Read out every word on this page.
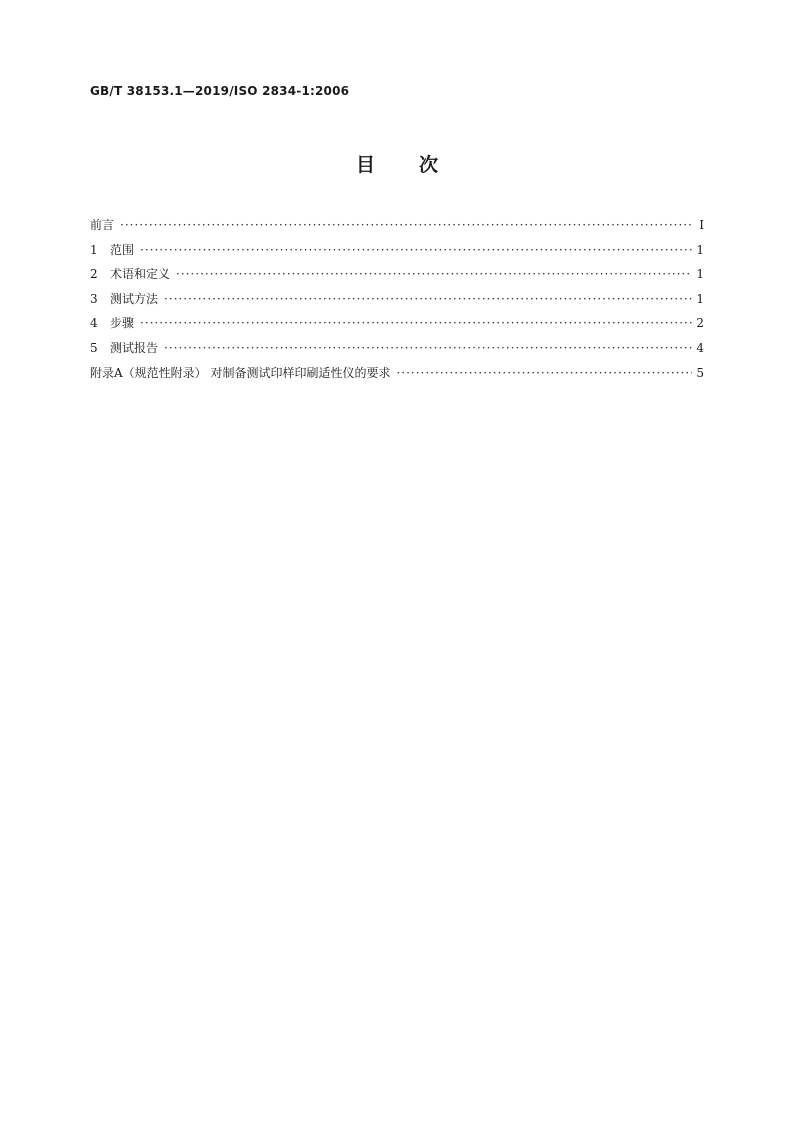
GB/T 38153.1—2019/ISO 2834-1:2006
目次
前言 ·····	Ⅰ
1	范围 ·····	1
2	术语和定义 ·····	1
3	测试方法 ·····	1
4	步骤 ·····	2
5	测试报告 ·····	4
附录A（规范性附录） 对制备测试印样印刷适性仪的要求 ·····	5
